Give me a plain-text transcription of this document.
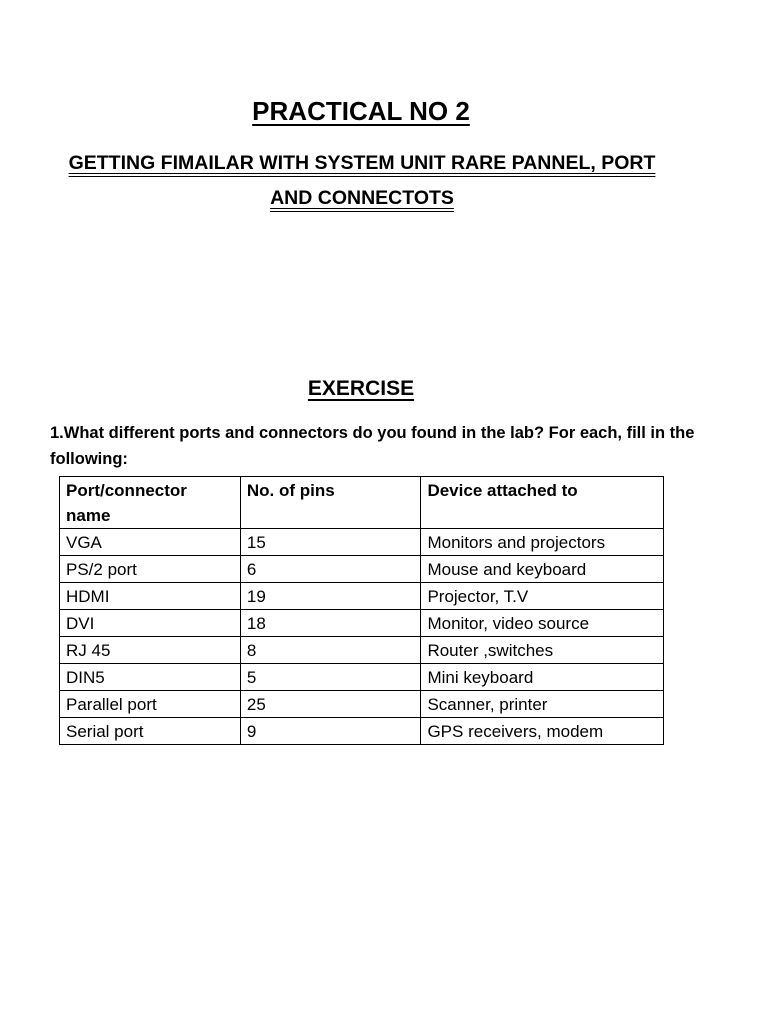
PRACTICAL NO 2
GETTING FIMAILAR WITH SYSTEM UNIT RARE PANNEL, PORT
AND CONNECTOTS
EXERCISE
1.What different ports and connectors do you found in the lab? For each, fill in the following:
Port/connector name	No. of pins	Device attached to
VGA	15	Monitors and projectors
PS/2 port	6	Mouse and keyboard
HDMI	19	Projector, T.V
DVI	18	Monitor, video source
RJ 45	8	Router ,switches
DIN5	5	Mini keyboard
Parallel port	25	Scanner, printer
Serial port	9	GPS receivers, modem
